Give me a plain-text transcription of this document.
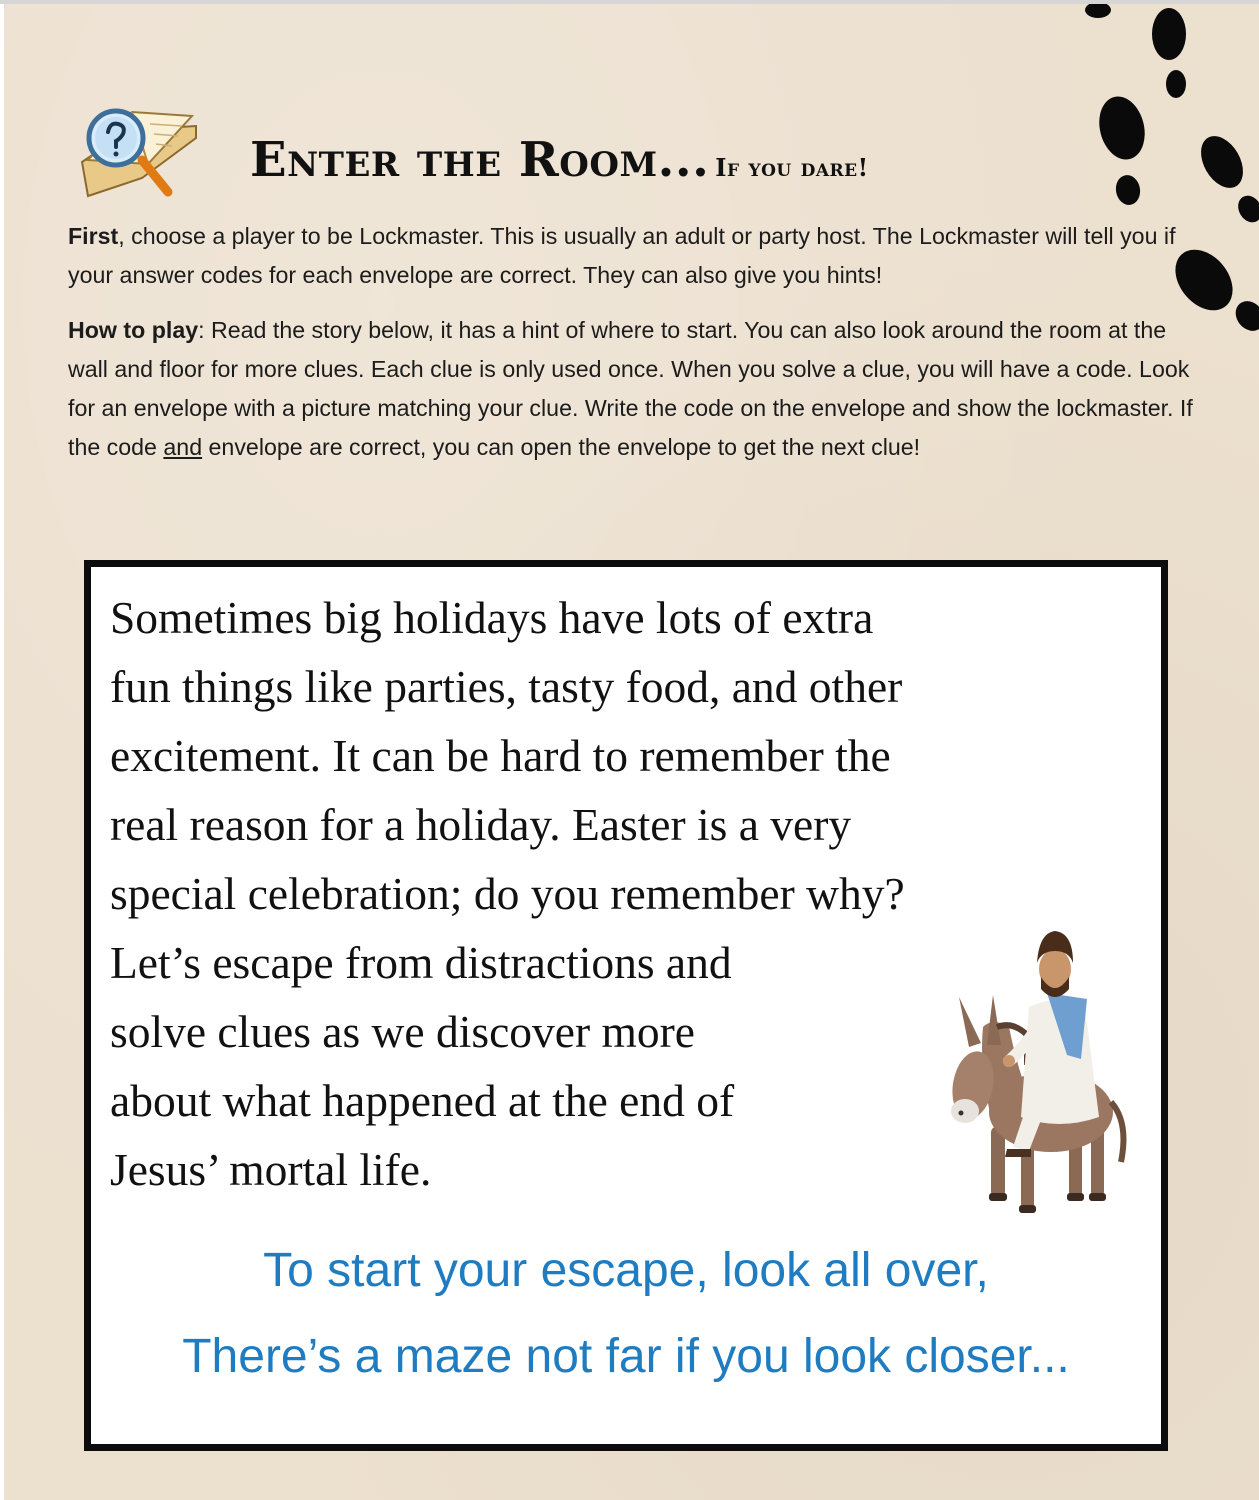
Enter the Room... If you dare!
First, choose a player to be Lockmaster. This is usually an adult or party host. The Lockmaster will tell you if your answer codes for each envelope are correct. They can also give you hints!
How to play: Read the story below, it has a hint of where to start. You can also look around the room at the wall and floor for more clues. Each clue is only used once. When you solve a clue, you will have a code. Look for an envelope with a picture matching your clue. Write the code on the envelope and show the lockmaster. If the code and envelope are correct, you can open the envelope to get the next clue!
Sometimes big holidays have lots of extra
fun things like parties, tasty food, and other
excitement. It can be hard to remember the
real reason for a holiday. Easter is a very
special celebration; do you remember why?
Let’s escape from distractions and
solve clues as we discover more
about what happened at the end of
Jesus’ mortal life.
To start your escape, look all over,
There’s a maze not far if you look closer...
